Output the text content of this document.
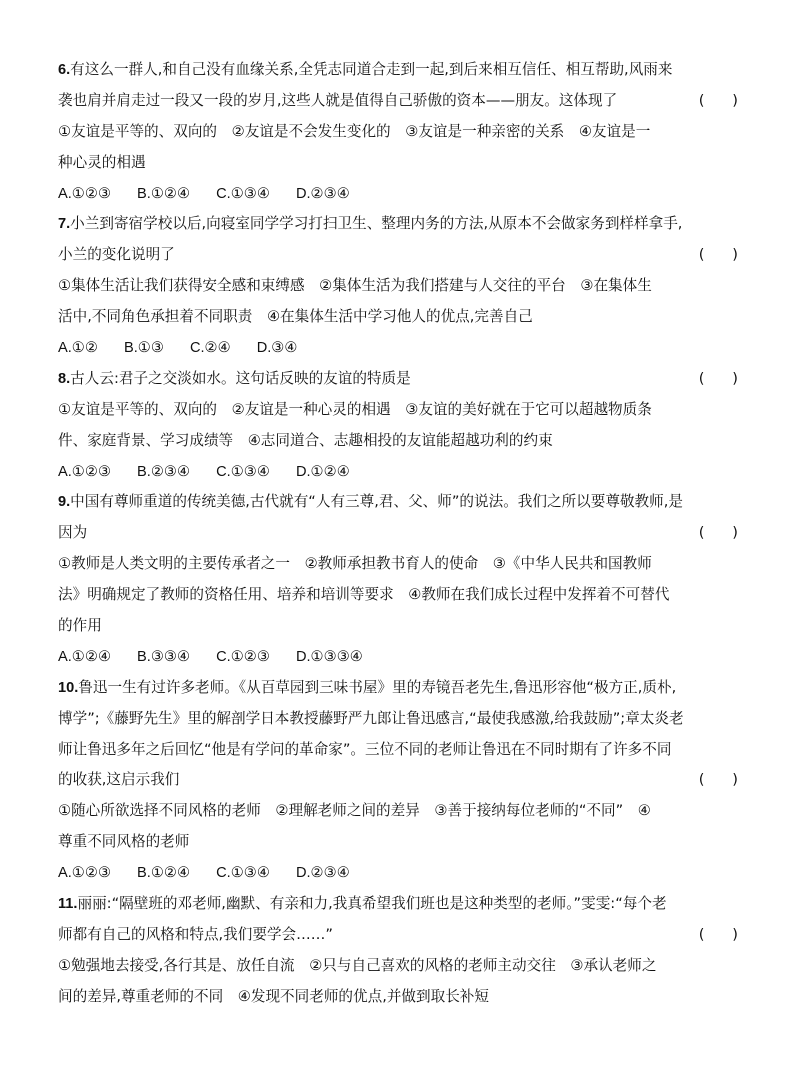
6.有这么一群人,和自己没有血缘关系,全凭志同道合走到一起,到后来相互信任、相互帮助,风雨来
袭也肩并肩走过一段又一段的岁月,这些人就是值得自己骄傲的资本——朋友。这体现了	(      )
①友谊是平等的、双向的　②友谊是不会发生变化的　③友谊是一种亲密的关系　④友谊是一
种心灵的相遇
A.①②③ B.①②④ C.①③④ D.②③④
7.小兰到寄宿学校以后,向寝室同学学习打扫卫生、整理内务的方法,从原本不会做家务到样样拿手,
小兰的变化说明了	(      )
①集体生活让我们获得安全感和束缚感　②集体生活为我们搭建与人交往的平台　③在集体生
活中,不同角色承担着不同职责　④在集体生活中学习他人的优点,完善自己
A.①② B.①③ C.②④ D.③④
8.古人云:君子之交淡如水。这句话反映的友谊的特质是	(      )
①友谊是平等的、双向的　②友谊是一种心灵的相遇　③友谊的美好就在于它可以超越物质条
件、家庭背景、学习成绩等　④志同道合、志趣相投的友谊能超越功利的约束
A.①②③ B.②③④ C.①③④ D.①②④
9.中国有尊师重道的传统美德,古代就有“人有三尊,君、父、师”的说法。我们之所以要尊敬教师,是
因为	(      )
①教师是人类文明的主要传承者之一　②教师承担教书育人的使命　③《中华人民共和国教师
法》明确规定了教师的资格任用、培养和培训等要求　④教师在我们成长过程中发挥着不可替代
的作用
A.①②④ B.③③④ C.①②③ D.①③③④
10.鲁迅一生有过许多老师。《从百草园到三味书屋》里的寿镜吾老先生,鲁迅形容他“极方正,质朴,
博学”;《藤野先生》里的解剖学日本教授藤野严九郎让鲁迅感言,“最使我感激,给我鼓励”;章太炎老
师让鲁迅多年之后回忆“他是有学问的革命家”。三位不同的老师让鲁迅在不同时期有了许多不同
的收获,这启示我们	(      )
①随心所欲选择不同风格的老师　②理解老师之间的差异　③善于接纳每位老师的“不同”　④
尊重不同风格的老师
A.①②③ B.①②④ C.①③④ D.②③④
11.丽丽:“隔壁班的邓老师,幽默、有亲和力,我真希望我们班也是这种类型的老师。”雯雯:“每个老
师都有自己的风格和特点,我们要学会……”	(      )
①勉强地去接受,各行其是、放任自流　②只与自己喜欢的风格的老师主动交往　③承认老师之
间的差异,尊重老师的不同　④发现不同老师的优点,并做到取长补短
